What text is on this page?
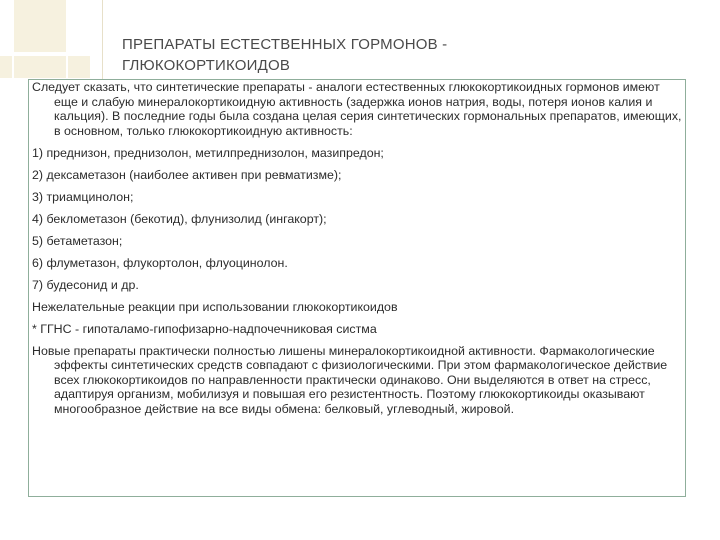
ПРЕПАРАТЫ ЕСТЕСТВЕННЫХ ГОРМОНОВ - ГЛЮКОКОРТИКОИДОВ

Следует сказать, что синтетические препараты - аналоги естественных глюкокортикоидных гормонов имеют еще и слабую минералокортикоидную активность (задержка ионов натрия, воды, потеря ионов калия и кальция). В последние годы была создана целая серия синтетических гормональных препаратов, имеющих, в основном, только глюкокортикоидную активность:

1) преднизон, преднизолон, метилпреднизолон, мазипредон;

2) дексаметазон (наиболее активен при ревматизме);

3) триамцинолон;

4) беклометазон (бекотид), флунизолид (ингакорт);

5) бетаметазон;

6) флуметазон, флукортолон, флуоцинолон.

7) будесонид и др.

Нежелательные реакции при использовании глюкокортикоидов

* ГГНС - гипоталамо-гипофизарно-надпочечниковая систма

Новые препараты практически полностью лишены минералокортикоидной активности. Фармакологические эффекты синтетических средств совпадают с физиологическими. При этом фармакологическое действие всех глюкокортикоидов по направленности практически одинаково. Они выделяются в ответ на стресс, адаптируя организм, мобилизуя и повышая его резистентность. Поэтому глюкокортикоиды оказывают многообразное действие на все виды обмена: белковый, углеводный, жировой.
